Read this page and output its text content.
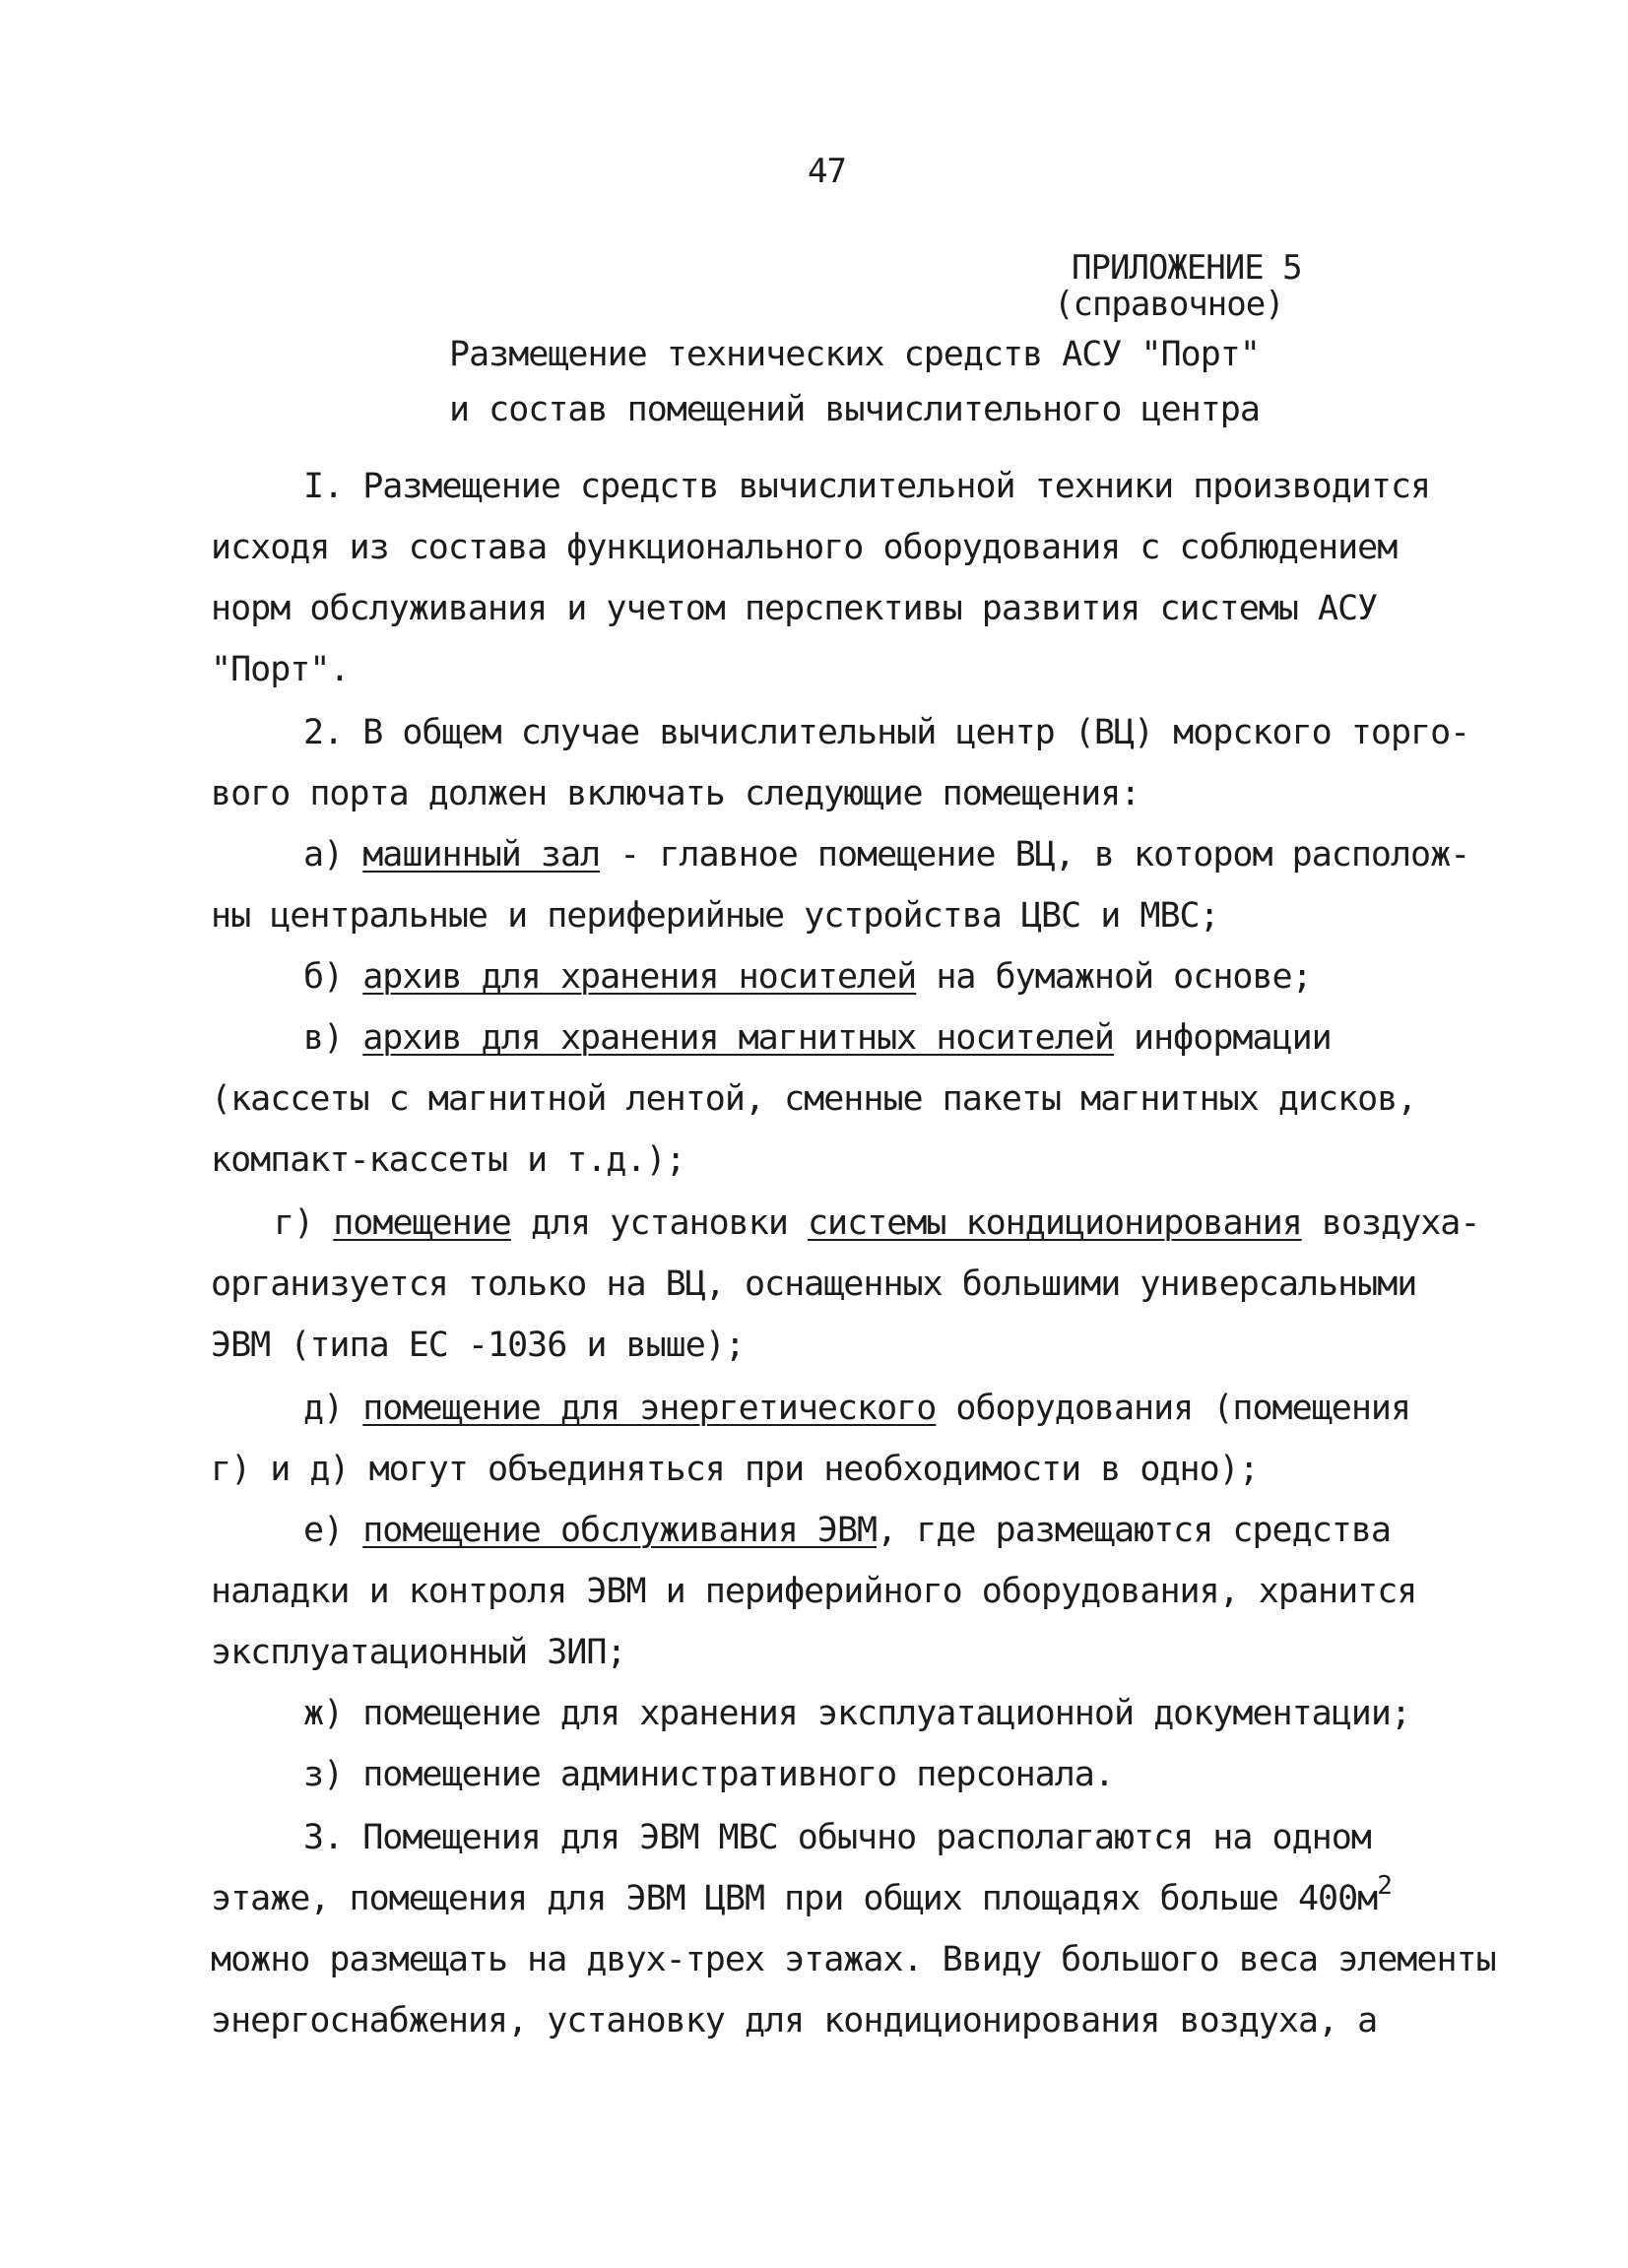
47
ПРИЛОЖЕНИЕ 5
(справочное)
Размещение технических средств АСУ "Порт"
и состав помещений вычислительного центра
I. Размещение средств вычислительной техники производится
исходя из состава функционального оборудования с соблюдением
норм обслуживания и учетом перспективы развития системы АСУ
"Порт".
2. В общем случае вычислительный центр (ВЦ) морского торго-
вого порта должен включать следующие помещения:
а) машинный зал - главное помещение ВЦ, в котором располож-
ны центральные и периферийные устройства ЦВС и МВС;
б) архив для хранения носителей на бумажной основе;
в) архив для хранения магнитных носителей информации
(кассеты с магнитной лентой, сменные пакеты магнитных дисков,
компакт-кассеты и т.д.);
г) помещение для установки системы кондиционирования воздуха-
организуется только на ВЦ, оснащенных большими универсальными
ЭВМ (типа ЕС -1036 и выше);
д) помещение для энергетического оборудования (помещения
г) и д) могут объединяться при необходимости в одно);
е) помещение обслуживания ЭВМ, где размещаются средства
наладки и контроля ЭВМ и периферийного оборудования, хранится
эксплуатационный ЗИП;
ж) помещение для хранения эксплуатационной документации;
з) помещение административного персонала.
3. Помещения для ЭВМ МВС обычно располагаются на одном
этаже, помещения для ЭВМ ЦВМ при общих площадях больше $400м^2$
можно размещать на двух-трех этажах. Ввиду большого веса элементы
энергоснабжения, установку для кондиционирования воздуха, а
